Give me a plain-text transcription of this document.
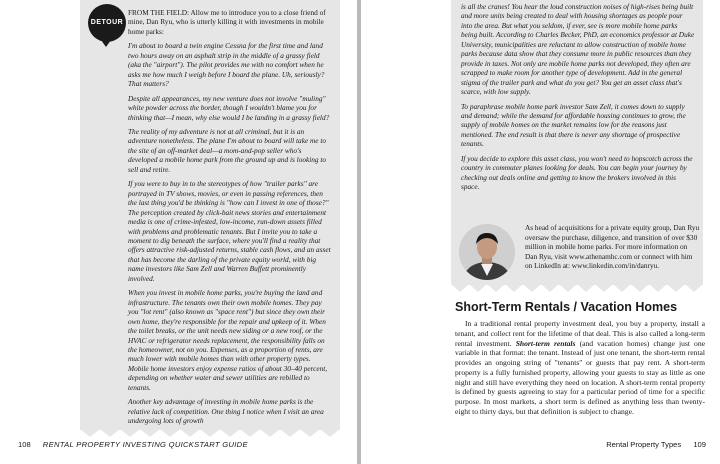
DETOUR

FROM THE FIELD: Allow me to introduce you to a close friend of mine, Dan Ryu, who is utterly killing it with investments in mobile home parks:

I'm about to board a twin engine Cessna for the first time and land two hours away on an asphalt strip in the middle of a grassy field (aka the "airport"). The pilot provides me with no comfort when he asks me how much I weigh before I board the plane. Uh, seriously? That matters?

Despite all appearances, my new venture does not involve "muling" white powder across the border, though I wouldn't blame you for thinking that—I mean, why else would I be landing in a grassy field?

The reality of my adventure is not at all criminal, but it is an adventure nonetheless. The plane I'm about to board will take me to the site of an off-market deal—a mom-and-pop seller who's developed a mobile home park from the ground up and is looking to sell and retire.

If you were to buy in to the stereotypes of how "trailer parks" are portrayed in TV shows, movies, or even in passing references, then the last thing you'd be thinking is "how can I invest in one of those?" The perception created by click-bait news stories and entertainment media is one of crime-infested, low-income, run-down assets filled with problems and problematic tenants. But I invite you to take a moment to dig beneath the surface, where you'll find a reality that offers attractive risk-adjusted returns, stable cash flows, and an asset that has become the darling of the private equity world, with big name investors like Sam Zell and Warren Buffett prominently involved.

When you invest in mobile home parks, you're buying the land and infrastructure. The tenants own their own mobile homes. They pay you "lot rent" (also known as "space rent") but since they own their own home, they're responsible for the repair and upkeep of it. When the toilet breaks, or the unit needs new siding or a new roof, or the HVAC or refrigerator needs replacement, the responsibility falls on the homeowner, not on you. Expenses, as a proportion of rents, are much lower with mobile homes than with other property types. Mobile home investors enjoy expense ratios of about 30–40 percent, depending on whether water and sewer utilities are rebilled to tenants.

Another key advantage of investing in mobile home parks is the relative lack of competition. One thing I notice when I visit an area undergoing lots of growth

108 RENTAL PROPERTY INVESTING QUICKSTART GUIDE

is all the cranes! You hear the loud construction noises of high-rises being built and more units being created to deal with housing shortages as people pour into the area. But what you seldom, if ever, see is more mobile home parks being built. According to Charles Becker, PhD, an economics professor at Duke University, municipalities are reluctant to allow construction of mobile home parks because data show that they consume more in public resources than they provide in taxes. Not only are mobile home parks not developed, they often are scrapped to make room for another type of development. Add in the general stigma of the trailer park and what do you get? You get an asset class that's scarce, with low supply.

To paraphrase mobile home park investor Sam Zell, it comes down to supply and demand; while the demand for affordable housing continues to grow, the supply of mobile homes on the market remains low for the reasons just mentioned. The end result is that there is never any shortage of prospective tenants.

If you decide to explore this asset class, you won't need to hopscotch across the country in commuter planes looking for deals. You can begin your journey by checking out deals online and getting to know the brokers involved in this space.

As head of acquisitions for a private equity group, Dan Ryu oversaw the purchase, diligence, and transition of over $30 million in mobile home parks. For more information on Dan Ryu, visit www.athenamhc.com or connect with him on LinkedIn at: www.linkedin.com/in/danryu.

Short-Term Rentals / Vacation Homes

In a traditional rental property investment deal, you buy a property, install a tenant, and collect rent for the lifetime of that deal. This is also called a long-term rental investment. Short-term rentals (and vacation homes) change just one variable in that format: the tenant. Instead of just one tenant, the short-term rental provides an ongoing string of "tenants" or guests that pay rent. A short-term property is a fully furnished property, allowing your guests to stay as little as one night and still have everything they need on location. A short-term rental property is defined by guests agreeing to stay for a particular period of time for a specific purpose. In most markets, a short term is defined as anything less than twenty-eight to thirty days, but that definition is subject to change.

Rental Property Types 109
